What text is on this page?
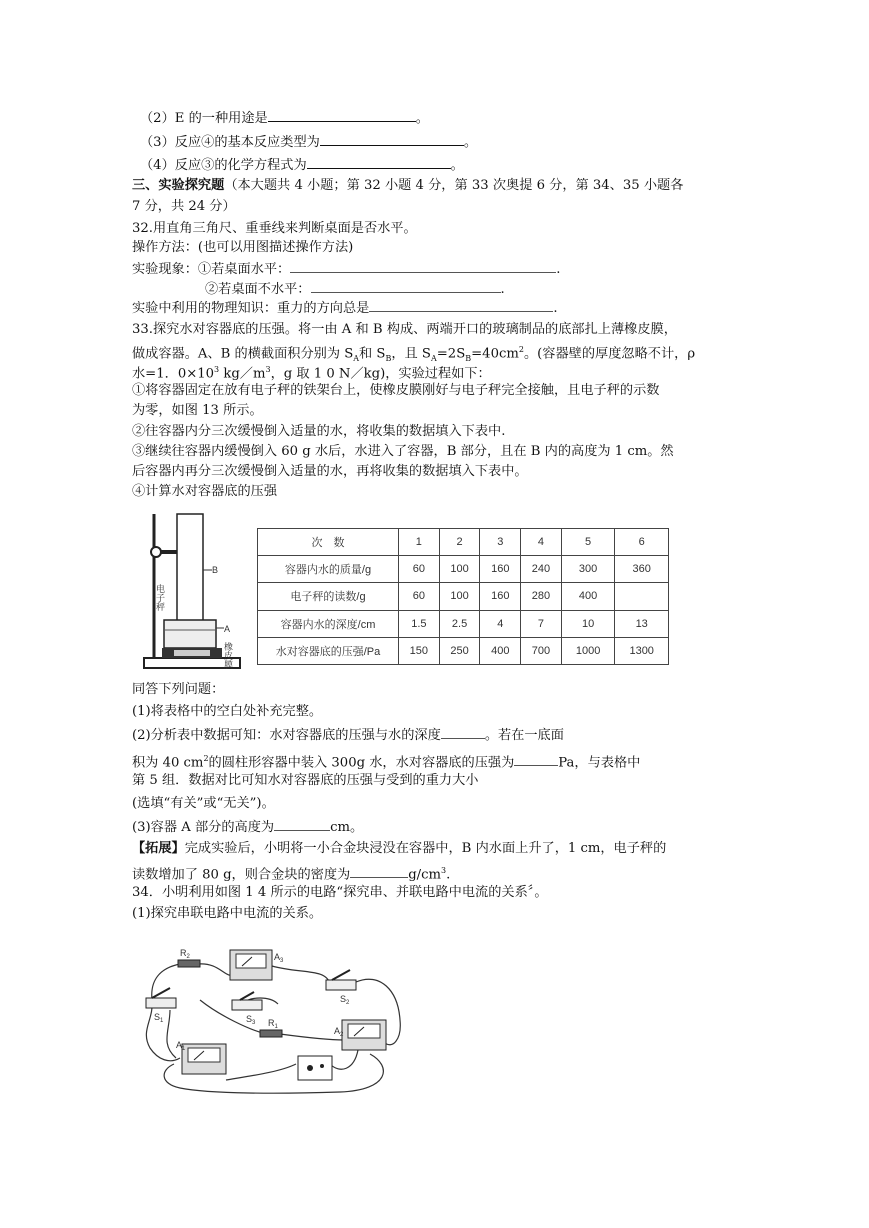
（2）E 的一种用途是	。
（3）反应④的基本反应类型为	。
（4）反应③的化学方程式为	。
三、实验探究题（本大题共 4 小题；第 32 小题 4 分，第 33 次奥提 6 分，第 34、35 小题各
7 分，共 24 分）
32.用直角三角尺、重垂线来判断桌面是否水平。
操作方法：(也可以用图描述操作方法)
实验现象：①若桌面水平：	.
②若桌面不水平：	.
实验中利用的物理知识：重力的方向总是	.
33.探究水对容器底的压强。将一由 A 和 B 构成、两端开口的玻璃制品的底部扎上薄橡皮膜，
做成容器。A、B 的横截面积分别为 $S_A$和 $S_B$，且 $S_A=2S_B=40cm^2$。(容器壁的厚度忽略不计，ρ
水=1．$0\times 10^3$ $kg/m^3$，g 取 1 0 N／kg)，实验过程如下：
①将容器固定在放有电子秤的铁架台上，使橡皮膜刚好与电子秤完全接触，且电子秤的示数
为零，如图 13 所示。
②往容器内分三次缓慢倒入适量的水，将收集的数据填入下表中.
③继续往容器内缓慢倒入 60 g 水后，水进入了容器，B 部分，且在 B 内的高度为 1 cm。然
后容器内再分三次缓慢倒入适量的水，再将收集的数据填入下表中。
④计算水对容器底的压强
B
A
电子秤
橡皮膜
次　数	1	2	3	4	5	6
容器内水的质量/g	60	100	160	240	300	360
电子秤的读数/g	60	100	160	280	400	
容器内水的深度/cm	1.5	2.5	4	7	10	13
水对容器底的压强/Pa	150	250	400	700	1000	1300
同答下列问题：
(1)将表格中的空白处补充完整。
(2)分析表中数据可知：水对容器底的压强与水的深度	。若在一底面
积为 40 $cm^2$的圆柱形容器中装入 300g 水，水对容器底的压强为	Pa，与表格中
第 5 组．数据对比可知水对容器底的压强与受到的重力大小
(选填“有关”或“无关”)。
(3)容器 A 部分的高度为	cm。
【拓展】完成实验后，小明将一小合金块浸没在容器中，B 内水面上升了，1 cm，电子秤的
读数增加了 80 g，则合金块的密度为	$g/cm^3$.
34．小明利用如图 1 4 所示的电路“探究串、并联电路中电流的关系〞。
(1)探究串联电路中电流的关系。
$R_2$
$R_1$
$A_3$
$A_2$
$A_1$
$S_1$
$S_2$
$S_3$
